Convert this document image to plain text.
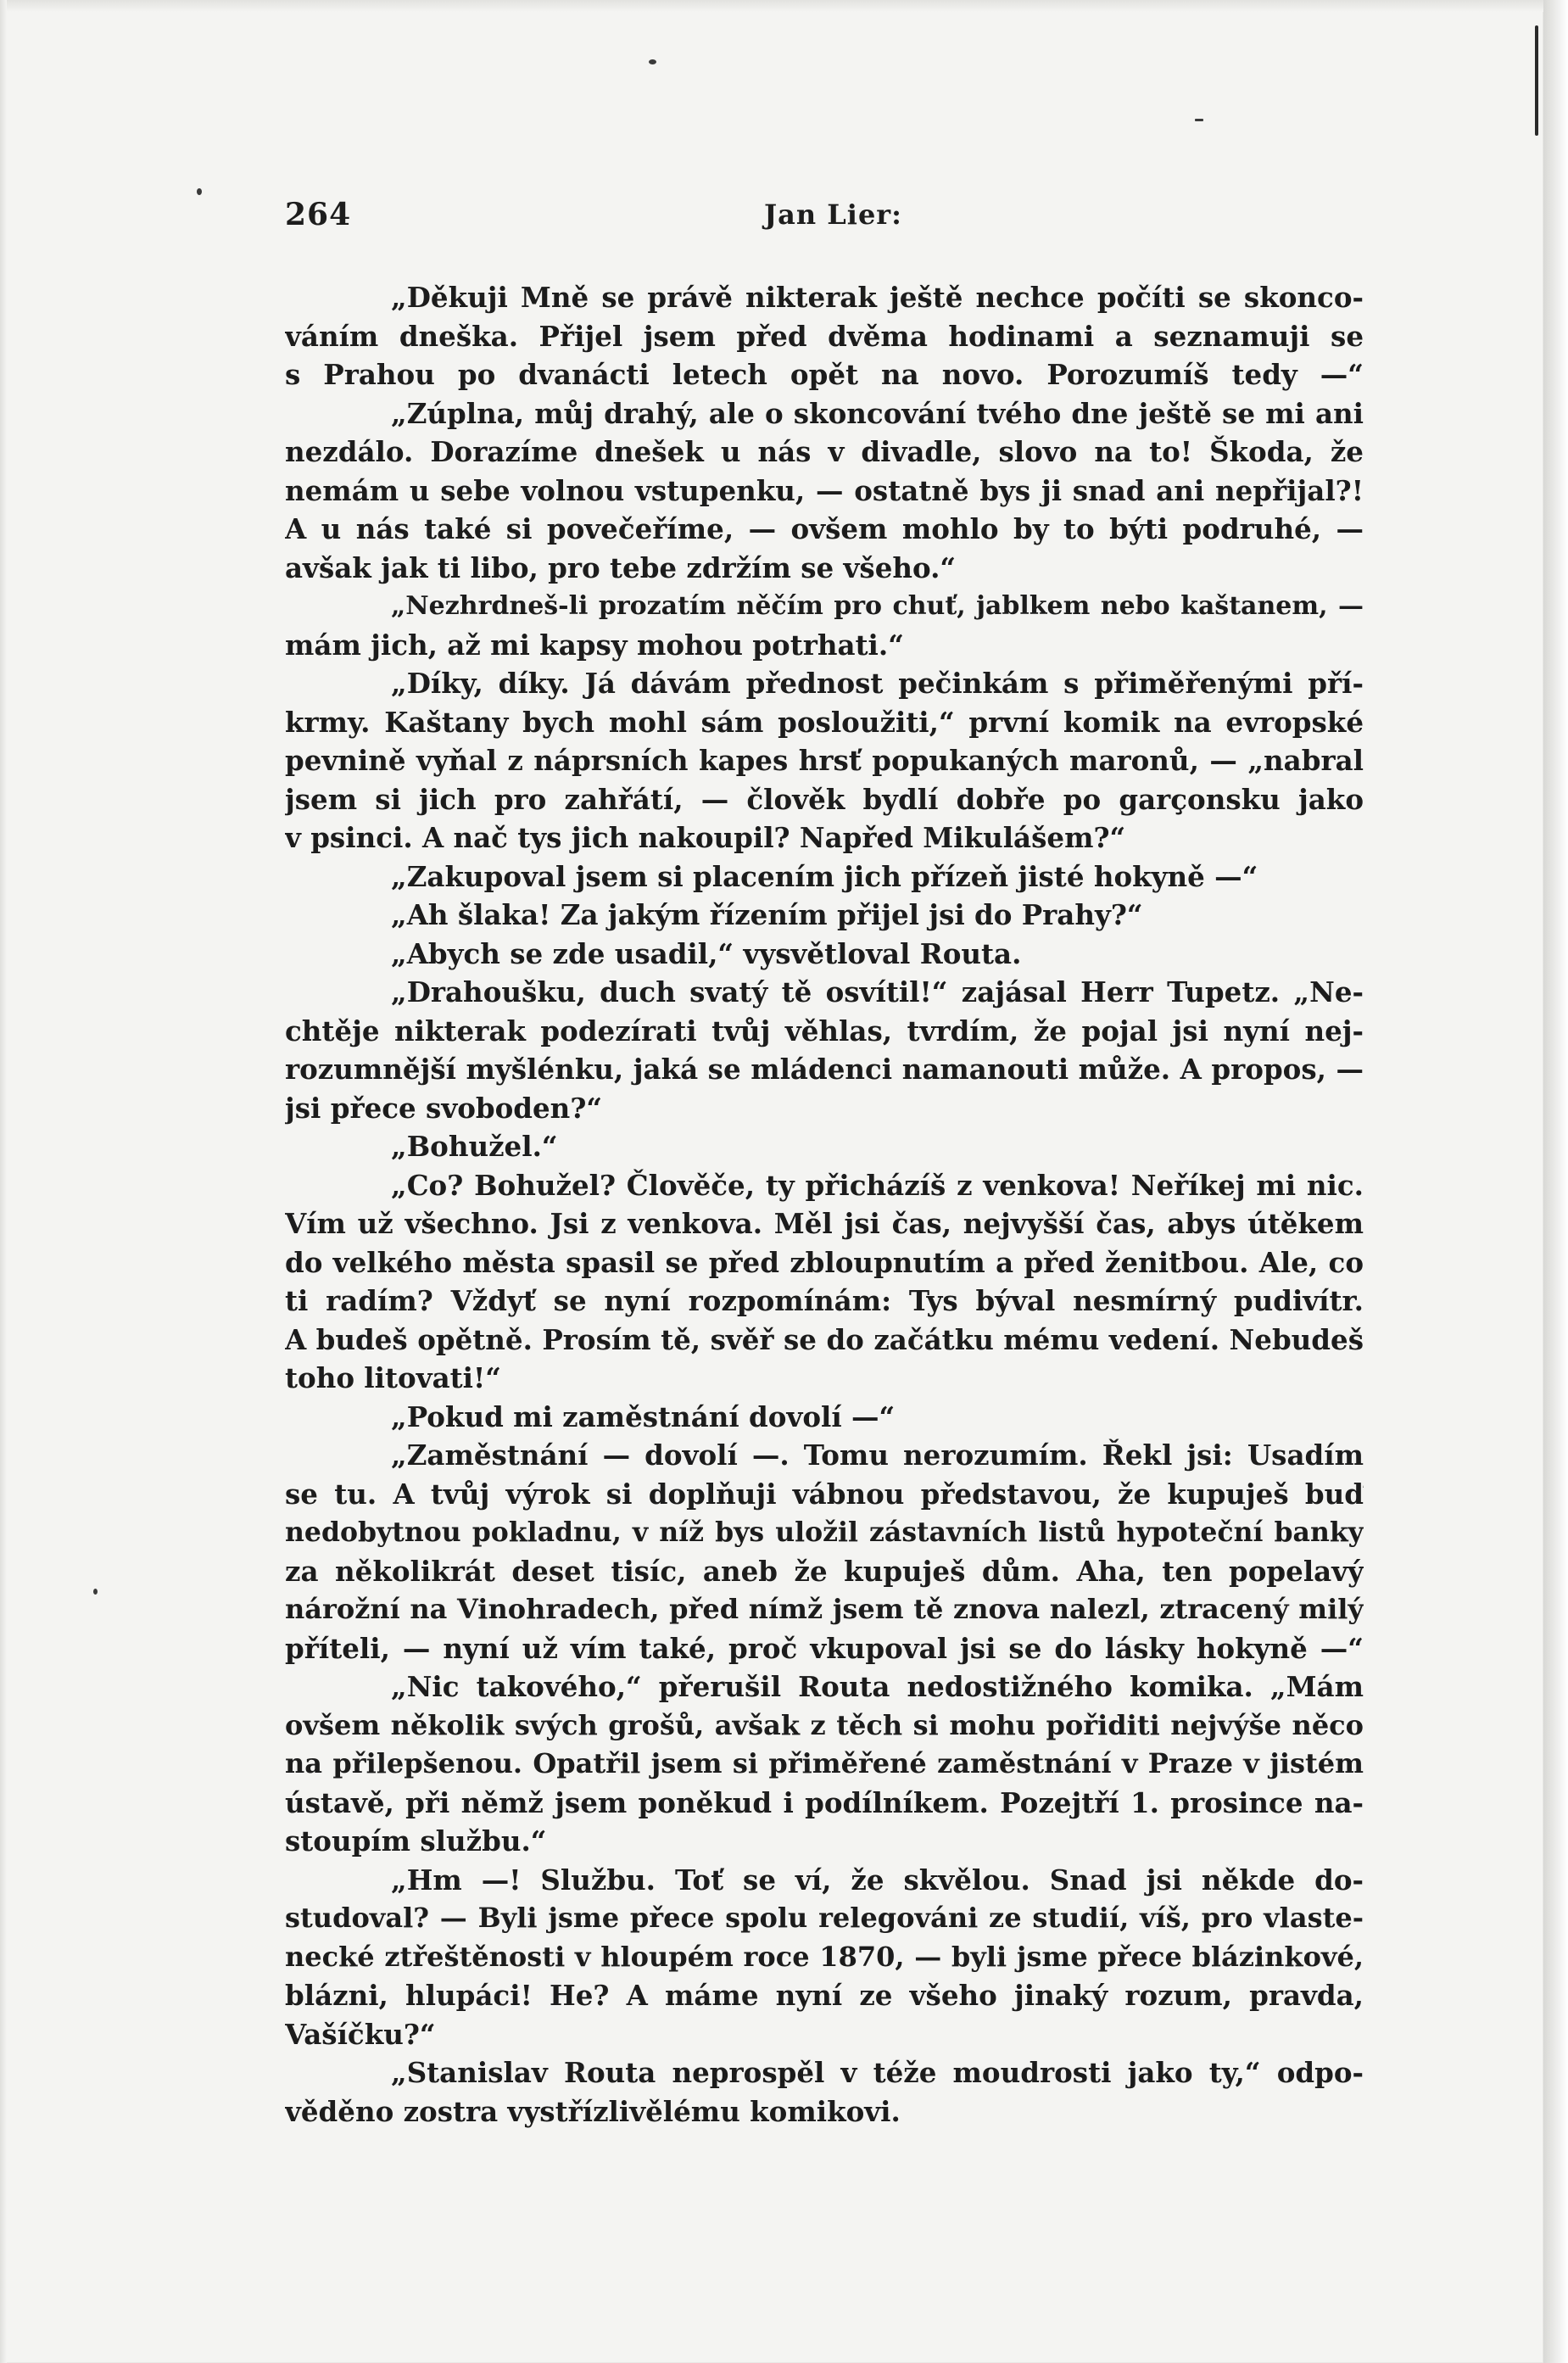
264	Jan Lier:
„Děkuji Mně se právě nikterak ještě nechce počíti se skonco-
váním dneška. Přijel jsem před dvěma hodinami a seznamuji se
s Prahou po dvanácti letech opět na novo. Porozumíš tedy —“
„Zúplna, můj drahý, ale o skoncování tvého dne ještě se mi ani
nezdálo. Dorazíme dnešek u nás v divadle, slovo na to! Škoda, že
nemám u sebe volnou vstupenku, — ostatně bys ji snad ani nepřijal?!
A u nás také si povečeříme, — ovšem mohlo by to býti podruhé, —
avšak jak ti libo, pro tebe zdržím se všeho.“
„Nezhrdneš-li prozatím něčím pro chuť, jablkem nebo kaštanem, —
mám jich, až mi kapsy mohou potrhati.“
„Díky, díky. Já dávám přednost pečinkám s přiměřenými pří-
krmy. Kaštany bych mohl sám posloužiti,“ první komik na evropské
pevnině vyňal z náprsních kapes hrsť popukaných maronů, — „nabral
jsem si jich pro zahřátí, — člověk bydlí dobře po garçonsku jako
v psinci. A nač tys jich nakoupil? Napřed Mikulášem?“
„Zakupoval jsem si placením jich přízeň jisté hokyně —“
„Ah šlaka! Za jakým řízením přijel jsi do Prahy?“
„Abych se zde usadil,“ vysvětloval Routa.
„Drahoušku, duch svatý tě osvítil!“ zajásal Herr Tupetz. „Ne-
chtěje nikterak podezírati tvůj věhlas, tvrdím, že pojal jsi nyní nej-
rozumnější myšlénku, jaká se mládenci namanouti může. A propos, —
jsi přece svoboden?“
„Bohužel.“
„Co? Bohužel? Člověče, ty přicházíš z venkova! Neříkej mi nic.
Vím už všechno. Jsi z venkova. Měl jsi čas, nejvyšší čas, abys útěkem
do velkého města spasil se před zbloupnutím a před ženitbou. Ale, co
ti radím? Vždyť se nyní rozpomínám: Tys býval nesmírný pudivítr.
A budeš opětně. Prosím tě, svěř se do začátku mému vedení. Nebudeš
toho litovati!“
„Pokud mi zaměstnání dovolí —“
„Zaměstnání — dovolí —. Tomu nerozumím. Řekl jsi: Usadím
se tu. A tvůj výrok si doplňuji vábnou představou, že kupuješ buď
nedobytnou pokladnu, v níž bys uložil zástavních listů hypoteční banky
za několikrát deset tisíc, aneb že kupuješ dům. Aha, ten popelavý
nárožní na Vinohradech, před nímž jsem tě znova nalezl, ztracený milý
příteli, — nyní už vím také, proč vkupoval jsi se do lásky hokyně —“
„Nic takového,“ přerušil Routa nedostižného komika. „Mám
ovšem několik svých grošů, avšak z těch si mohu pořiditi nejvýše něco
na přilepšenou. Opatřil jsem si přiměřené zaměstnání v Praze v jistém
ústavě, při němž jsem poněkud i podílníkem. Pozejtří 1. prosince na-
stoupím službu.“
„Hm —! Službu. Toť se ví, že skvělou. Snad jsi někde do-
studoval? — Byli jsme přece spolu relegováni ze studií, víš, pro vlaste-
necké ztřeštěnosti v hloupém roce 1870, — byli jsme přece blázinkové,
blázni, hlupáci! He? A máme nyní ze všeho jinaký rozum, pravda,
Vašíčku?“
„Stanislav Routa neprospěl v téže moudrosti jako ty,“ odpo-
věděno zostra vystřízlivělému komikovi.
